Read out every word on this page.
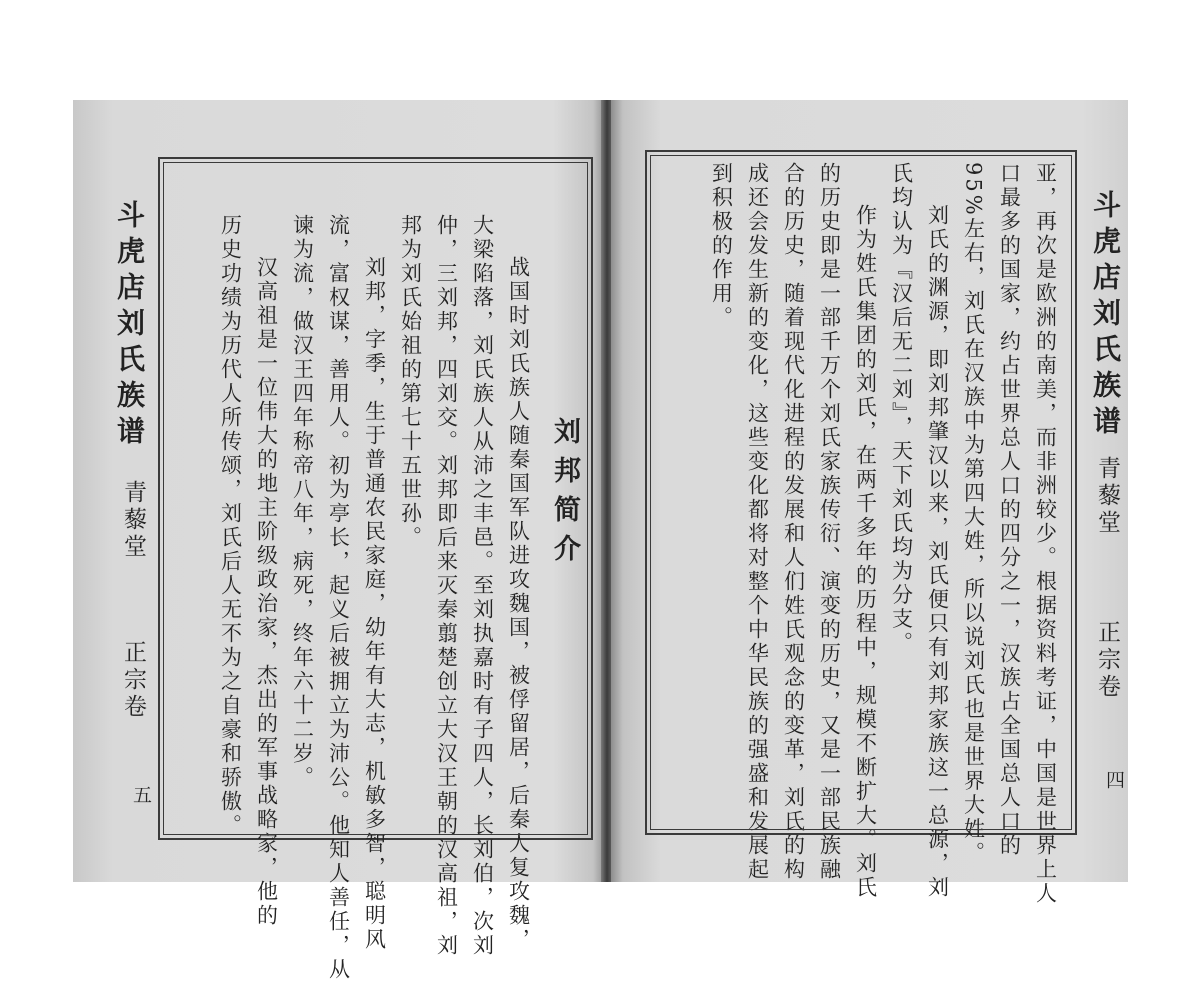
斗虎店刘氏族谱
青藜堂
正宗卷
五
刘邦简介
战国时刘氏族人随秦国军队进攻魏国，被俘留居，后秦人复攻魏，
大梁陷落，刘氏族人从沛之丰邑。至刘执嘉时有子四人，长刘伯，次刘
仲，三刘邦，四刘交。刘邦即后来灭秦翦楚创立大汉王朝的汉高祖，刘
邦为刘氏始祖的第七十五世孙。
刘邦，字季，生于普通农民家庭，幼年有大志，机敏多智，聪明风
流，富权谋，善用人。初为亭长，起义后被拥立为沛公。他知人善任，从
谏为流，做汉王四年称帝八年，病死，终年六十二岁。
汉高祖是一位伟大的地主阶级政治家，杰出的军事战略家，他的
历史功绩为历代人所传颂，刘氏后人无不为之自豪和骄傲。	亚，再次是欧洲的南美，而非洲较少。根据资料考证，中国是世界上人
口最多的国家，约占世界总人口的四分之一，汉族占全国总人口的
95%左右，刘氏在汉族中为第四大姓，所以说刘氏也是世界大姓。
刘氏的渊源，即刘邦肇汉以来，刘氏便只有刘邦家族这一总源，刘
氏均认为『汉后无二刘』，天下刘氏均为分支。
作为姓氏集团的刘氏，在两千多年的历程中，规模不断扩大。刘氏
的历史即是一部千万个刘氏家族传衍、演变的历史，又是一部民族融
合的历史，随着现代化进程的发展和人们姓氏观念的变革，刘氏的构
成还会发生新的变化，这些变化都将对整个中华民族的强盛和发展起
到积极的作用。	斗虎店刘氏族谱
青藜堂
正宗卷
四
